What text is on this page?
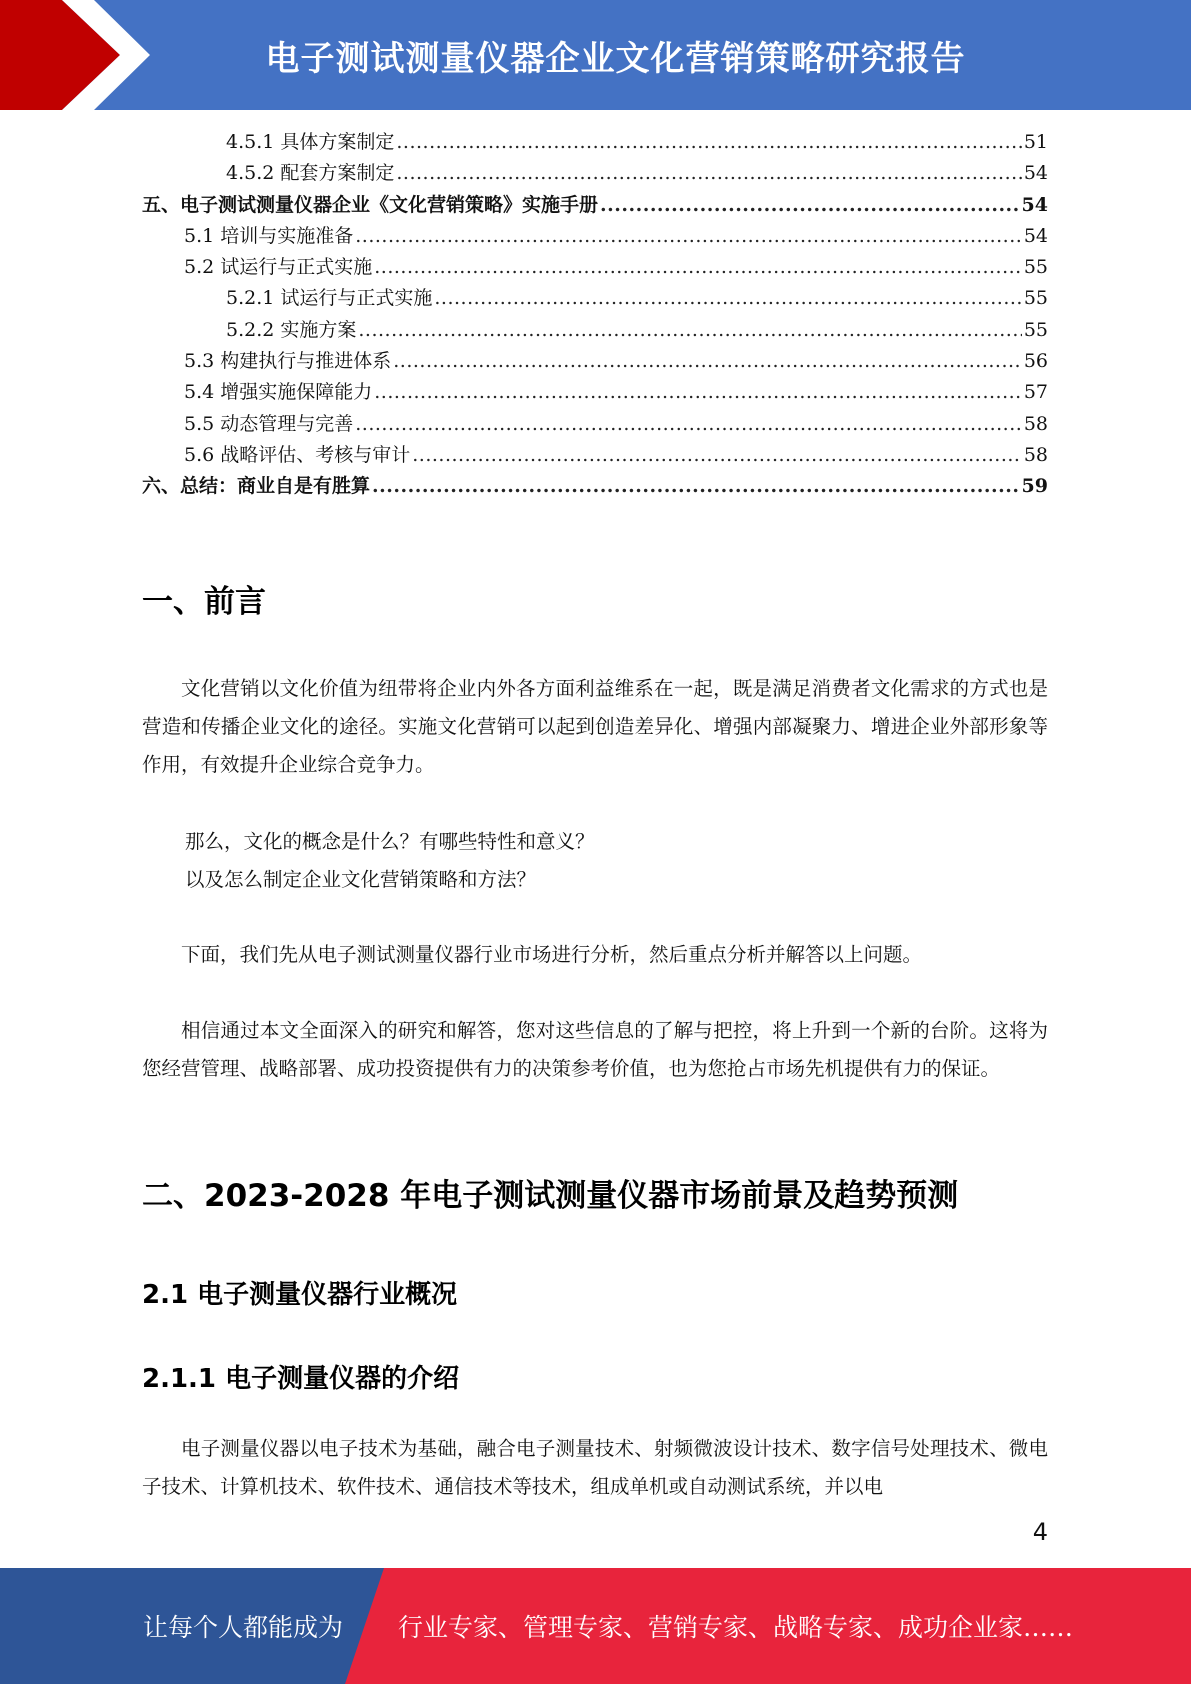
电子测试测量仪器企业文化营销策略研究报告
4.5.1 具体方案制定 .....	51
4.5.2 配套方案制定 .....	54
五、电子测试测量仪器企业《文化营销策略》实施手册 .....	54
5.1 培训与实施准备 .....	54
5.2 试运行与正式实施 .....	55
5.2.1 试运行与正式实施 .....	55
5.2.2 实施方案 .....	55
5.3 构建执行与推进体系 .....	56
5.4 增强实施保障能力 .....	57
5.5 动态管理与完善 .....	58
5.6 战略评估、考核与审计 .....	58
六、总结：商业自是有胜算 .....	59
一、前言

文化营销以文化价值为纽带将企业内外各方面利益维系在一起，既是满足消费者文化需求的方式也是营造和传播企业文化的途径。实施文化营销可以起到创造差异化、增强内部凝聚力、增进企业外部形象等作用，有效提升企业综合竞争力。

那么，文化的概念是什么？有哪些特性和意义？

以及怎么制定企业文化营销策略和方法？

下面，我们先从电子测试测量仪器行业市场进行分析，然后重点分析并解答以上问题。

相信通过本文全面深入的研究和解答，您对这些信息的了解与把控，将上升到一个新的台阶。这将为您经营管理、战略部署、成功投资提供有力的决策参考价值，也为您抢占市场先机提供有力的保证。

二、2023-2028 年电子测试测量仪器市场前景及趋势预测
2.1 电子测量仪器行业概况
2.1.1 电子测量仪器的介绍

电子测量仪器以电子技术为基础，融合电子测量技术、射频微波设计技术、数字信号处理技术、微电子技术、计算机技术、软件技术、通信技术等技术，组成单机或自动测试系统，并以电

4
让每个人都能成为 行业专家、管理专家、营销专家、战略专家、成功企业家……
